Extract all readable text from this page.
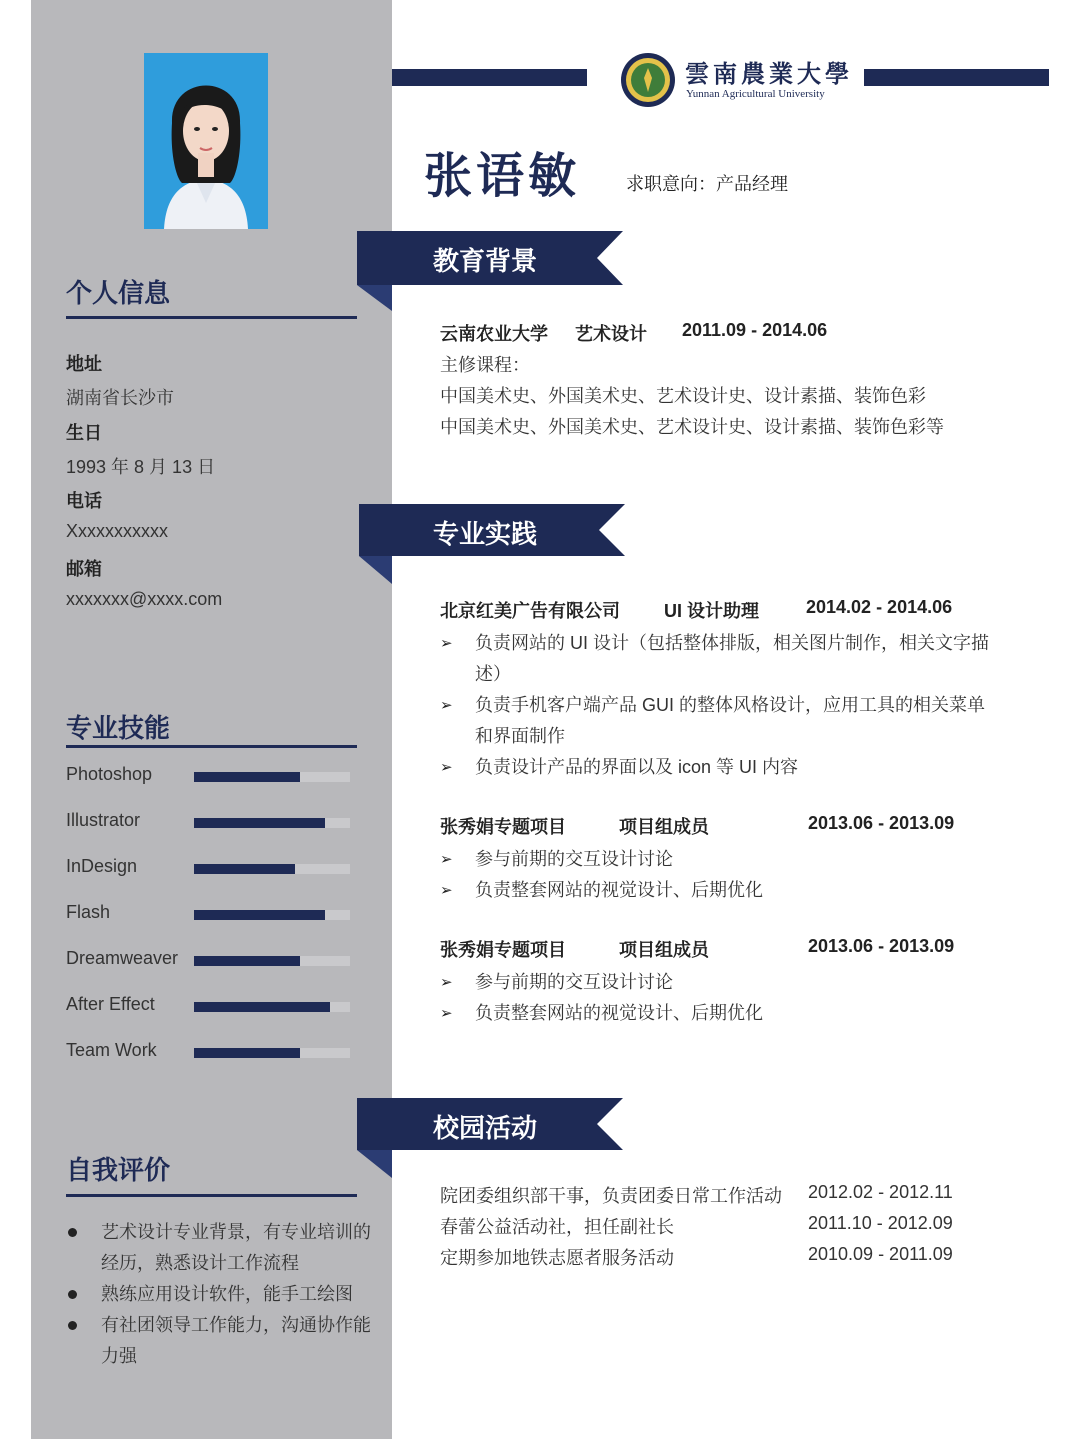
个人信息
地址
湖南省长沙市
生日
1993 年 8 月 13 日
电话
Xxxxxxxxxxx
邮箱
xxxxxxx@xxxx.com
专业技能
Photoshop
Illustrator
InDesign
Flash
Dreamweaver
After Effect
Team Work
自我评价
艺术设计专业背景，有专业培训的经历，熟悉设计工作流程
熟练应用设计软件，能手工绘图
有社团领导工作能力，沟通协作能力强
雲南農業大學
Yunnan Agricultural University
张语敏	求职意向：产品经理
教育背景
云南农业大学 艺术设计 2011.09 - 2014.06
主修课程：
中国美术史、外国美术史、艺术设计史、设计素描、装饰色彩
中国美术史、外国美术史、艺术设计史、设计素描、装饰色彩等
专业实践
北京红美广告有限公司 UI 设计助理	2014.02 - 2014.06
➢	负责网站的 UI 设计（包括整体排版，相关图片制作，相关文字描述）
➢	负责手机客户端产品 GUI 的整体风格设计，应用工具的相关菜单和界面制作
➢	负责设计产品的界面以及 icon 等 UI 内容
张秀娟专题项目	项目组成员	2013.06 - 2013.09
➢	参与前期的交互设计讨论
➢	负责整套网站的视觉设计、后期优化
张秀娟专题项目	项目组成员	2013.06 - 2013.09
➢	参与前期的交互设计讨论
➢	负责整套网站的视觉设计、后期优化
校园活动
院团委组织部干事，负责团委日常工作活动 2012.02 - 2012.11
春蕾公益活动社，担任副社长	2011.10 - 2012.09
定期参加地铁志愿者服务活动	2010.09 - 2011.09
